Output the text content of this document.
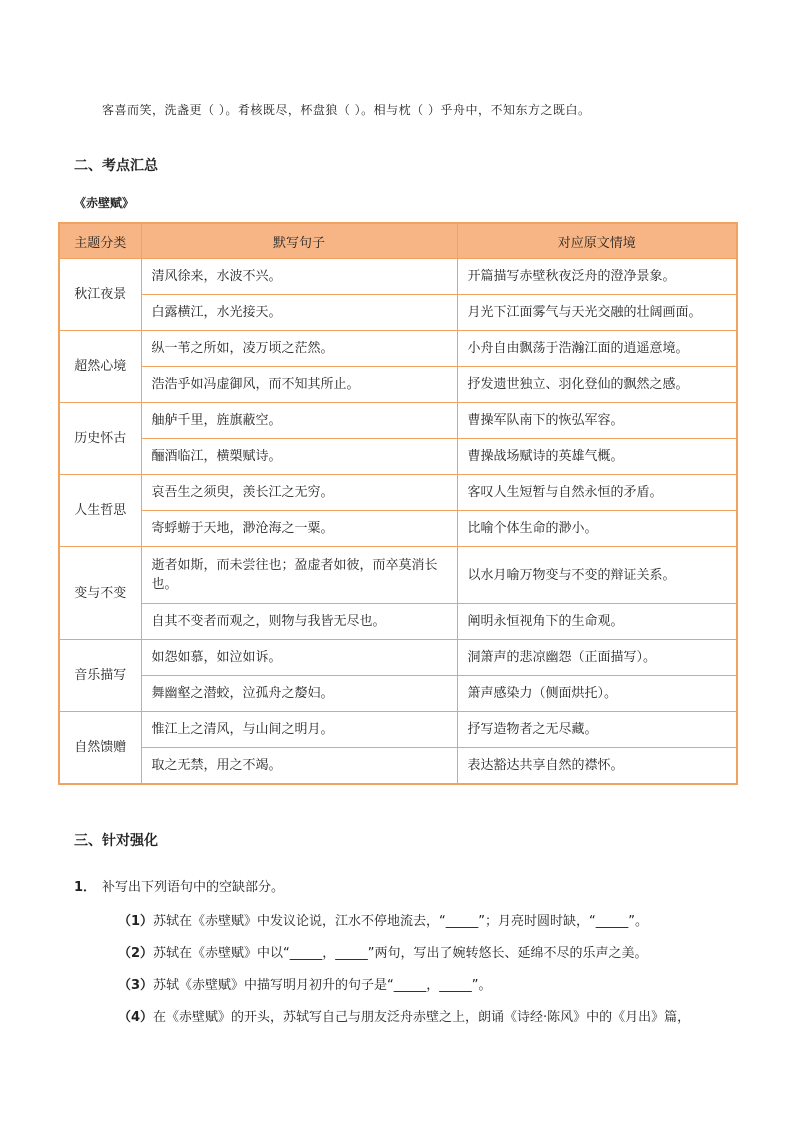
客喜而笑，洗盏更（ ）。肴核既尽，杯盘狼（ ）。相与枕（ ）乎舟中，不知东方之既白。
二、考点汇总
《赤壁赋》
主题分类	默写句子	对应原文情境
秋江夜景	清风徐来，水波不兴。	开篇描写赤壁秋夜泛舟的澄净景象。
	白露横江，水光接天。	月光下江面雾气与天光交融的壮阔画面。
超然心境	纵一苇之所如，凌万顷之茫然。	小舟自由飘荡于浩瀚江面的逍遥意境。
	浩浩乎如冯虚御风，而不知其所止。	抒发遗世独立、羽化登仙的飘然之感。
历史怀古	舳舻千里，旌旗蔽空。	曹操军队南下的恢弘军容。
	酾酒临江，横槊赋诗。	曹操战场赋诗的英雄气概。
人生哲思	哀吾生之须臾，羡长江之无穷。	客叹人生短暂与自然永恒的矛盾。
	寄蜉蝣于天地，渺沧海之一粟。	比喻个体生命的渺小。
变与不变	逝者如斯，而未尝往也；盈虚者如彼，而卒莫消长也。	以水月喻万物变与不变的辩证关系。
	自其不变者而观之，则物与我皆无尽也。	阐明永恒视角下的生命观。
音乐描写	如怨如慕，如泣如诉。	洞箫声的悲凉幽怨（正面描写）。
	舞幽壑之潜蛟，泣孤舟之嫠妇。	箫声感染力（侧面烘托）。
自然馈赠	惟江上之清风，与山间之明月。	抒写造物者之无尽藏。
	取之无禁，用之不竭。	表达豁达共享自然的襟怀。
三、针对强化
1． 补写出下列语句中的空缺部分。
（1）苏轼在《赤壁赋》中发议论说，江水不停地流去，“_____”；月亮时圆时缺，“_____”。
（2）苏轼在《赤壁赋》中以“_____，_____”两句，写出了婉转悠长、延绵不尽的乐声之美。
（3）苏轼《赤壁赋》中描写明月初升的句子是“_____，_____”。
（4）在《赤壁赋》的开头，苏轼写自己与朋友泛舟赤壁之上，朗诵《诗经·陈风》中的《月出》篇，
